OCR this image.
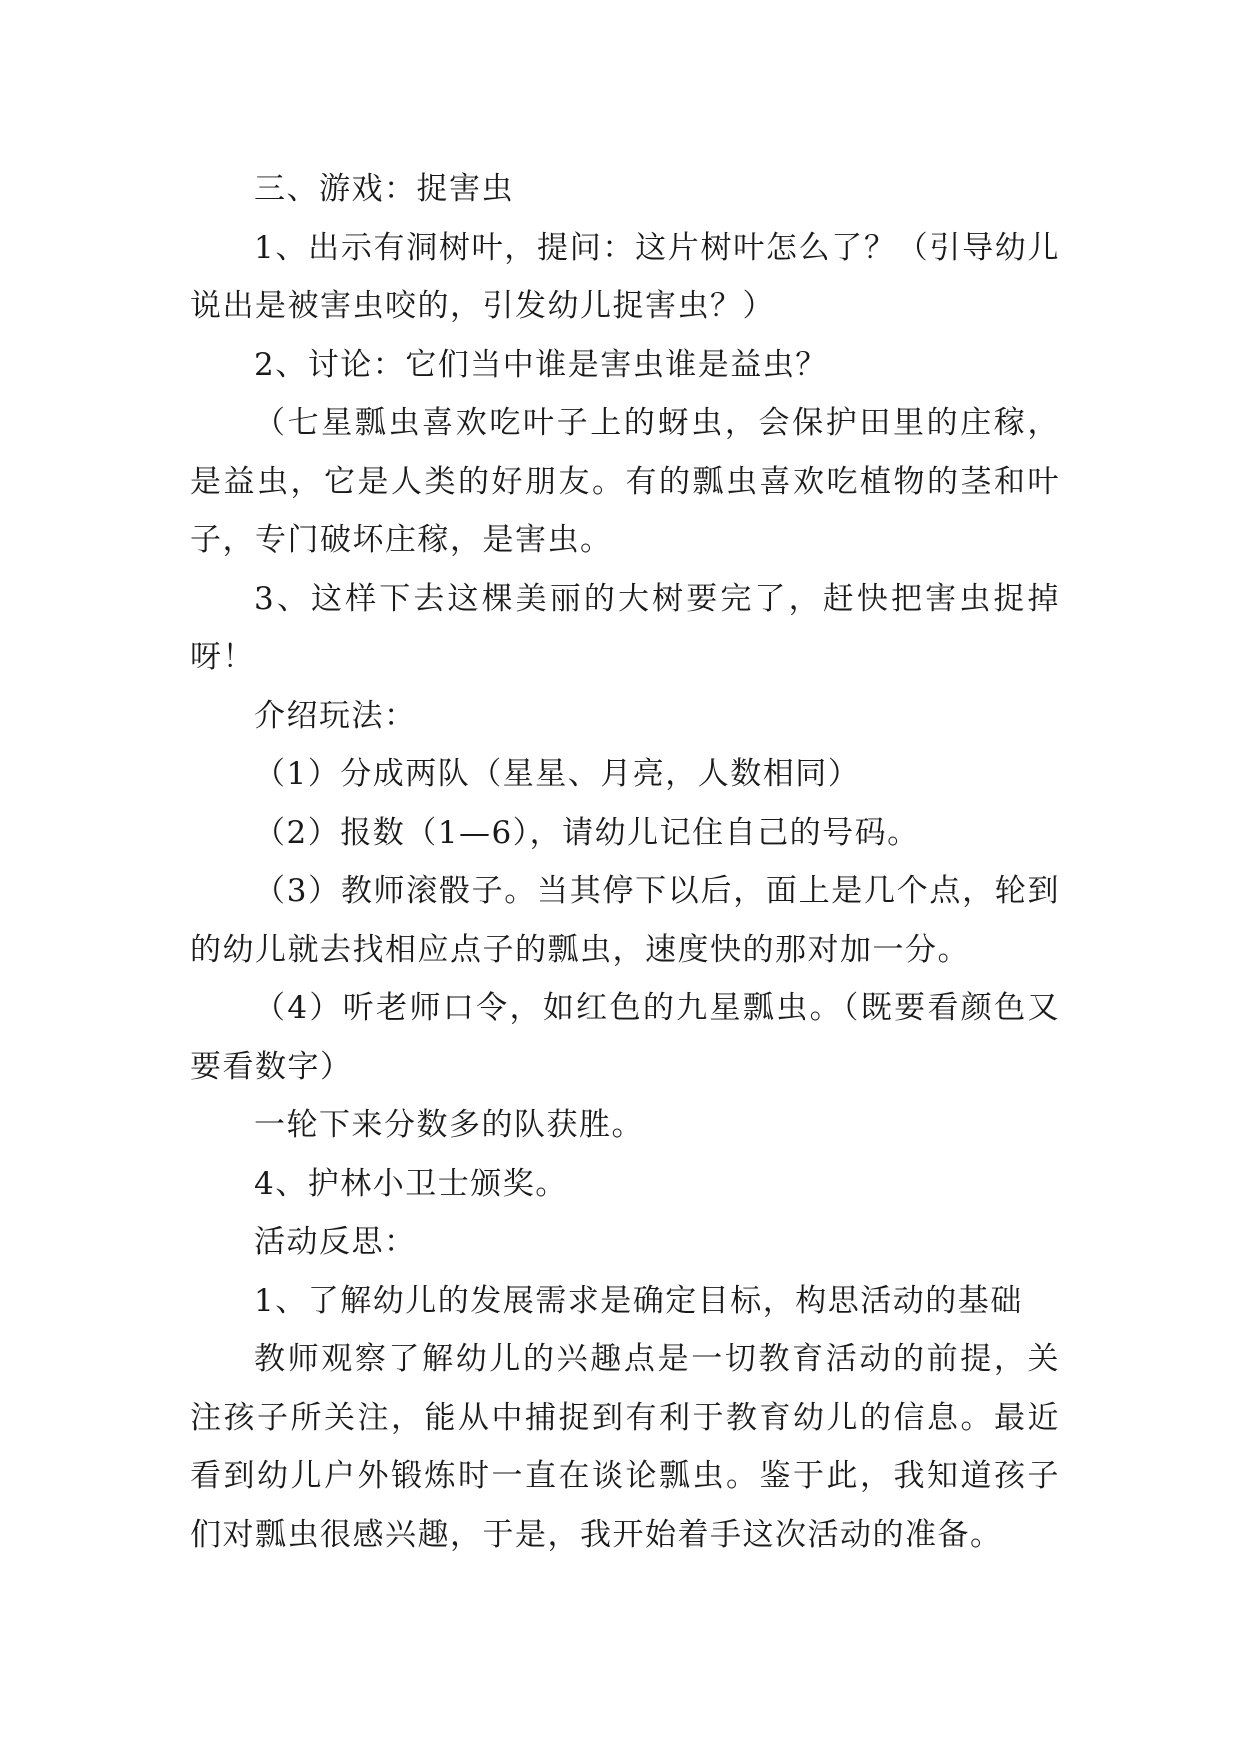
三、游戏：捉害虫

1、出示有洞树叶，提问：这片树叶怎么了？（引导幼儿说出是被害虫咬的，引发幼儿捉害虫？）

2、讨论：它们当中谁是害虫谁是益虫？

（七星瓢虫喜欢吃叶子上的蚜虫，会保护田里的庄稼，是益虫，它是人类的好朋友。有的瓢虫喜欢吃植物的茎和叶子，专门破坏庄稼，是害虫。

3、这样下去这棵美丽的大树要完了，赶快把害虫捉掉呀！

介绍玩法：

（1）分成两队（星星、月亮，人数相同）

（2）报数（1—6），请幼儿记住自己的号码。

（3）教师滚骰子。当其停下以后，面上是几个点，轮到的幼儿就去找相应点子的瓢虫，速度快的那对加一分。

（4）听老师口令，如红色的九星瓢虫。（既要看颜色又要看数字）

一轮下来分数多的队获胜。

4、护林小卫士颁奖。

活动反思：

1、了解幼儿的发展需求是确定目标，构思活动的基础

教师观察了解幼儿的兴趣点是一切教育活动的前提，关注孩子所关注，能从中捕捉到有利于教育幼儿的信息。最近看到幼儿户外锻炼时一直在谈论瓢虫。鉴于此，我知道孩子们对瓢虫很感兴趣，于是，我开始着手这次活动的准备。
